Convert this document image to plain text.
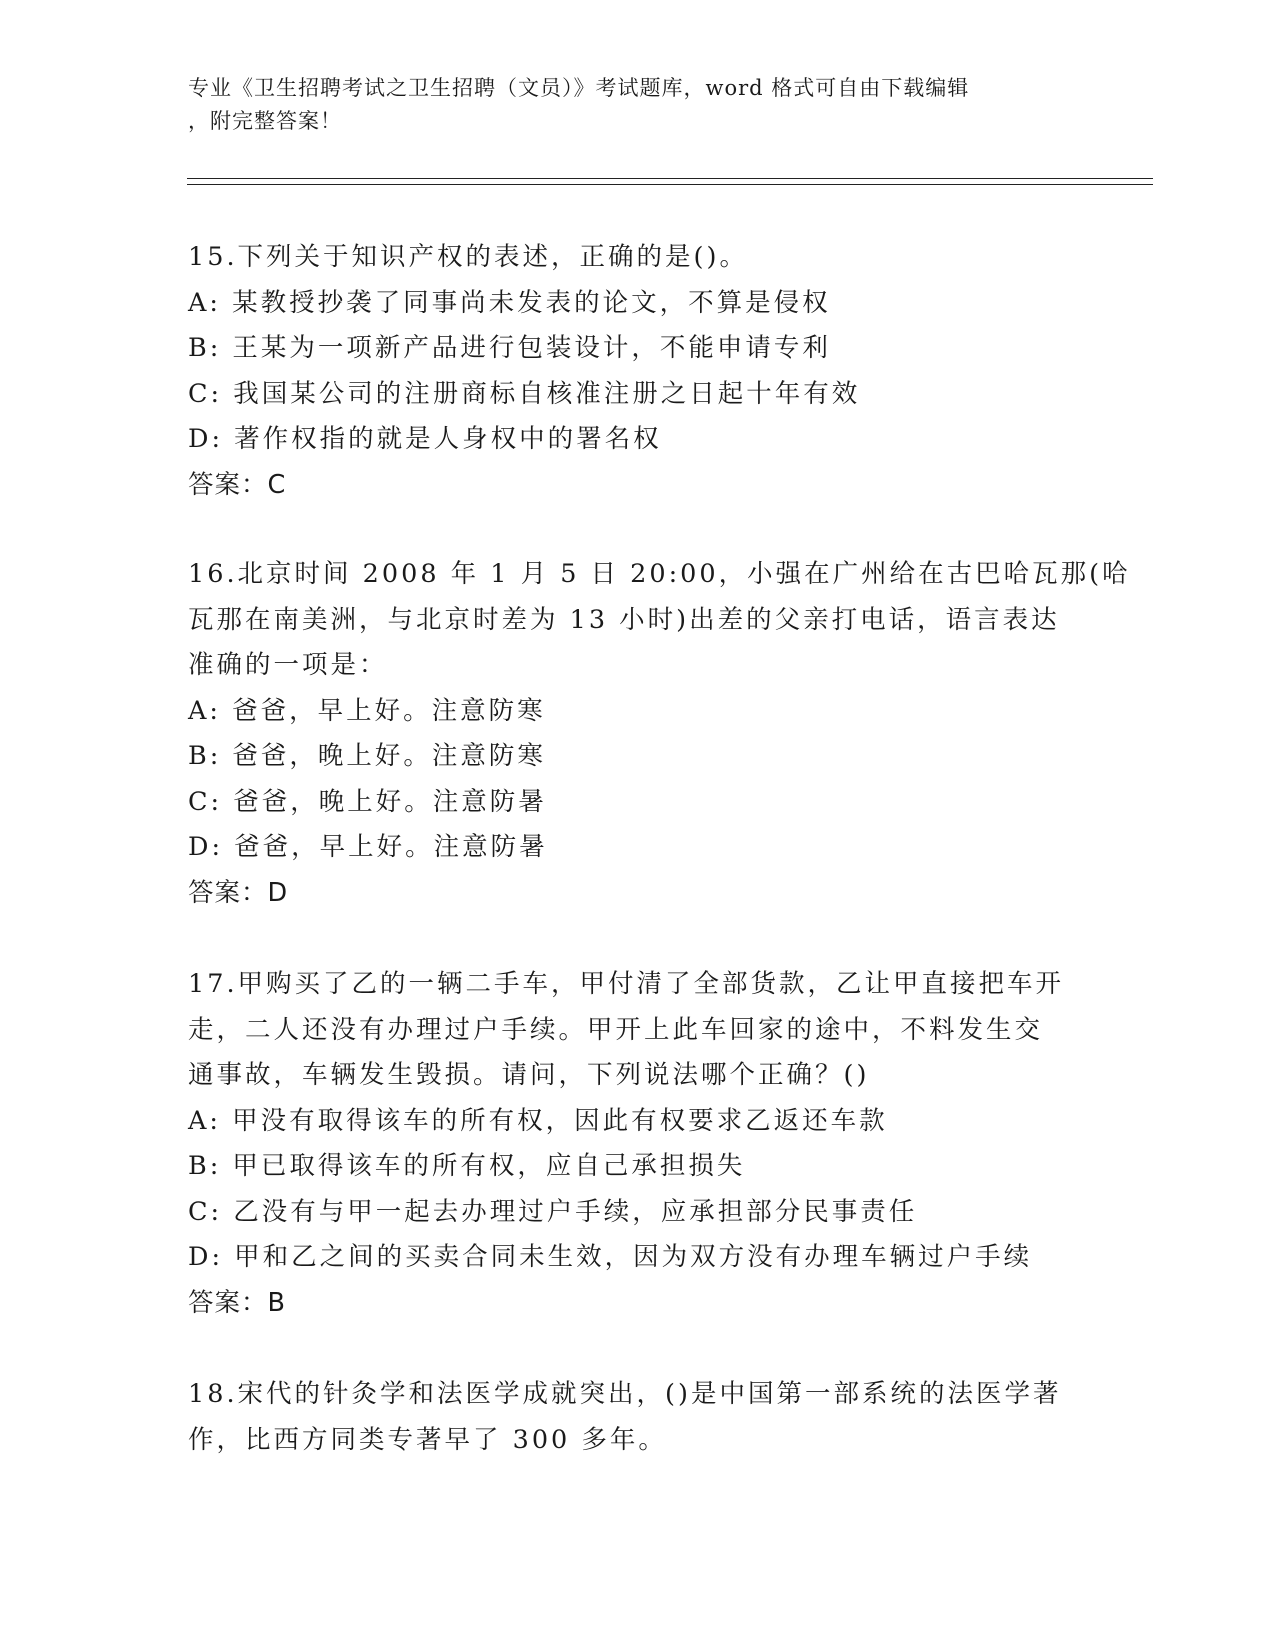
专业《卫生招聘考试之卫生招聘（文员）》考试题库，word 格式可自由下载编辑
，附完整答案！
15.下列关于知识产权的表述，正确的是()。
A: 某教授抄袭了同事尚未发表的论文，不算是侵权
B: 王某为一项新产品进行包装设计，不能申请专利
C: 我国某公司的注册商标自核准注册之日起十年有效
D: 著作权指的就是人身权中的署名权
答案：C
16.北京时间 2008 年 1 月 5 日 20:00，小强在广州给在古巴哈瓦那(哈
瓦那在南美洲，与北京时差为 13 小时)出差的父亲打电话，语言表达
准确的一项是：
A: 爸爸，早上好。注意防寒
B: 爸爸，晚上好。注意防寒
C: 爸爸，晚上好。注意防暑
D: 爸爸，早上好。注意防暑
答案：D
17.甲购买了乙的一辆二手车，甲付清了全部货款，乙让甲直接把车开
走，二人还没有办理过户手续。甲开上此车回家的途中，不料发生交
通事故，车辆发生毁损。请问，下列说法哪个正确？()
A: 甲没有取得该车的所有权，因此有权要求乙返还车款
B: 甲已取得该车的所有权，应自己承担损失
C: 乙没有与甲一起去办理过户手续，应承担部分民事责任
D: 甲和乙之间的买卖合同未生效，因为双方没有办理车辆过户手续
答案：B
18.宋代的针灸学和法医学成就突出，()是中国第一部系统的法医学著
作，比西方同类专著早了 300 多年。
